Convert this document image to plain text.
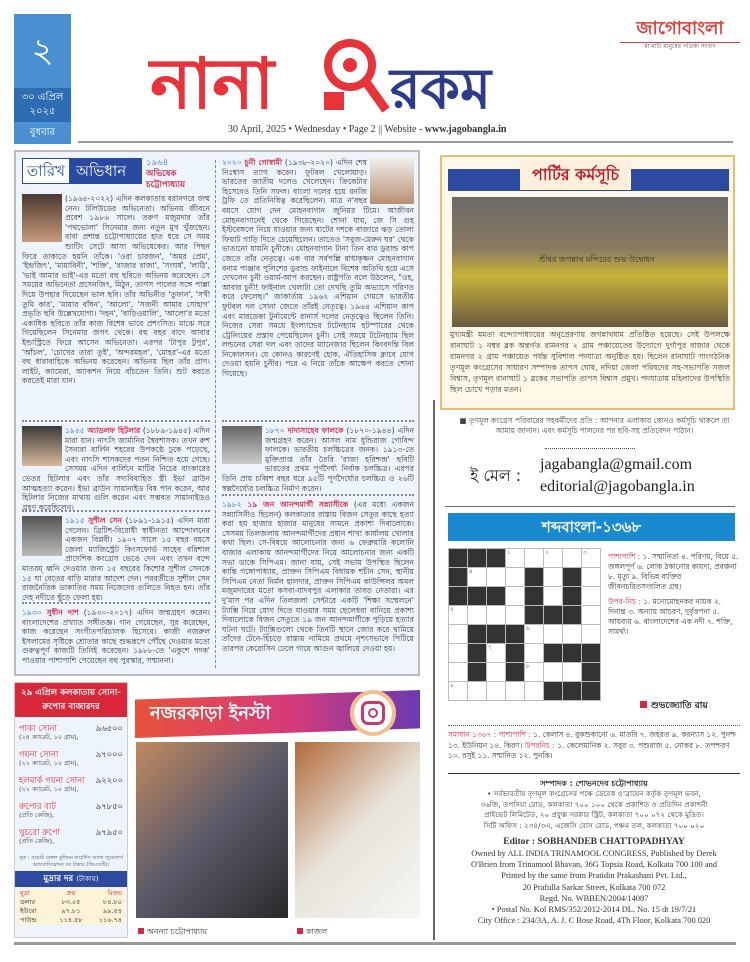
২
৩০ এপ্রিল ২০২৫
বুধবার
নানা রকম
30 April, 2025 • Wednesday • Page 2 || Website - www.jagobangla.in
জাগোবাংলা
মা মাটি মানুষের পত্রিকা সংবাদ
তারিখ অভিধান	১৯৬৪
অভিষেক চট্টোপাধ্যায়
(১৯৬৪-২০২২) এদিন কলকাতার বরানগরে জন্ম নেন। টলিউডের অভিনেতা। অভিনয় জীবনে প্রবেশ ১৯৮৬ সালে। তরুণ মজুমদার তাঁর 'পথভোলা' সিনেমার জন্য নতুন মুখ খুঁজছেন। বাবা প্রশান্ত চট্টোপাধ্যায়ের হাত ধরে সে সময় শ্যুটিং সেটে আসা অভিষেকের। আর পিছন ফিরে তাকাতে হয়নি তাঁকে। 'ওরা চারজন', 'অমর প্রেম', 'ইন্দ্রজিৎ', 'মায়াবিনী', 'শক্তি', 'রাজার রাজা', 'সংঘর্ষ', 'লাঠি', 'ভাই আমার ভাই'-এর মতো বহু ছবিতে অভিনয় করেছেন। সে সময়ের অভিনেতা প্রসেনজিৎ, মিঠুন, তাপস পালের সঙ্গে পাল্লা দিয়ে উপহার দিয়েছেন ভাল ছবি। তাঁর অভিনীত 'তুফান', 'সখী তুমি কার', 'মায়ার বাঁধন', 'আলো', 'সজনী আমার সোহাগ' প্রভৃতি ছবি উল্লেখযোগ্য। 'দহন', 'বাড়িওয়ালি', 'আলো'র মতো একাধিক ছবিতে তাঁর কাজ বিশেষ ভাবে প্রশংসিত। মাঝে সরে গিয়েছিলেন সিনেমার জগৎ থেকে। বহু বছর বাদে আবার ইন্ডাস্ট্রিতে ফিরে আসেন অভিনেতা। এরপর 'টাপুর টুপুর', 'আঁচল', 'চোখের তারা তুই', 'অন্দরমহল', 'মোহর'-এর মতো বহু ধারাবাহিকে অভিনয় করেছেন। অভিনয় ছিল তাঁর প্রাণ। লাইট, ক্যামেরা, অ্যাকশন নিয়ে বাঁচতেন তিনি। শুট করতে করতেই মারা যান।
১৯৪৫ অ্যাডলফ হিটলার (১৮৮৯-১৯৪৫) এদিন মারা যান। নাৎসি জার্মানির স্বৈরশাসক। তখন রুশ সৈন্যরা বার্লিন শহরের উপকণ্ঠে ঢুকে পড়েছে, এবং নাৎসি শাসকদের পতন নিশ্চিত হয়ে গেছে। সেসময় এদিন বার্লিনে মাটির নিচের বাংকারের ভেতর হিটলার এবং তাঁর সদ্যবিবাহিত স্ত্রী ইভা ব্রাউন আত্মহত্যা করেন। ইভা ব্রাউন সায়ানাইড বিষ পান করেন, আর হিটলার নিজের মাথায় গুলি করেন এবং সম্ভবত সায়ানাইডও গ্রহণ করেছিলেন।
১৯১৫ সুশীল সেন (১৮৯১-১৯১৫) এদিন মারা গেলেন। ব্রিটিশ-বিরোধী স্বাধীনতা আন্দোলনের একজন বিপ্লবী। ১৯০৭ সালে ১৫ বছর বয়সে জেলা ম্যাজিস্ট্রেট কিংসফোর্ড সাহেব বরিশাল প্রাদেশিক কংগ্রেস ভেঙে দেন এবং তখন বন্দে মাতরম্ ধ্বনি দেওয়ার জন্য ১৫ বছরের কিশোর সুশীল সেনকে ১৫ ঘা বেতের বাড়ি মারার আদেশ দেন। পরবর্তীতে সুশীল সেন রাজনৈতিক ডাকাতির সময় নিজেদের গুলিতে নিহত হন। তাঁর দেহ নদীতে ছুঁড়ে ফেলা হয়।
১৯৩০ সুধীন দাশ (১৯৩০-২০১৭) এদিন জন্মগ্রহণ করেন। বাংলাদেশের প্রখ্যাত সঙ্গীতজ্ঞ। গান গেয়েছেন, সুর করেছেন, কাজ করেছেন সংগীতপরিচালক হিসেবে। কাজী নজরুল ইসলামের সৃষ্টিকে শ্রোতার কাছে শুদ্ধরূপে পৌঁছে দেওয়ার মতো গুরুত্বপূর্ণ কাজটি তিনিই করেছেন। ১৯৮৮-তে 'একুশে পদক' পাওয়ার পাশাপাশি পেয়েছেন বহু পুরস্কার, সম্মাননা।
২০২০ চুনী গোস্বামী (১৯৩৮-২০২০) এদিন শেষ নিঃশ্বাস ত্যাগ করেন। ফুটবল খেলোয়াড়। ভারতের জাতীয় দলেও খেলেছেন। ক্রিকেটার হিসেবেও তিনি সফল। বাংলা দলের হয়ে রনজি ট্রফি তে প্রতিনিধিত্ব করেছিলেন। মাত্র ন'বছর বয়সে যোগ দেন মোহনবাগান জুনিয়র টিমে। আজীবন মোহনবাগানেই থেকে গিয়েছেন। শোনা যায়, জে সি গুহ ইস্টবেঙ্গলে নিয়ে যাওয়ার জন্য ষাটের দশকে বাজারে ঝড় তোলা ফিয়াট গাড়ি দিতে চেয়েছিলেন। তাতেও 'সবুজ-মেরুন ঘর' থেকে ভাঙানো যায়নি চুনীকে। মোহনবাগান টানা তিন বার ডুরান্ড কাপ জেতে তাঁর নেতৃত্বে। এক বার সর্বপল্লি রাধাকৃষ্ণন মোহনবাগান বনাম পাঞ্জাব পুলিশের ডুরান্ড ফাইনালে বিশেষ অতিথি হয়ে এসে দেখলেন চুনী ওয়ার্ম-আপ করছেন। রাষ্ট্রপতি বলে উঠলেন, "ওহ, আবার চুনী! ফাইনাল খেলাটা তো দেখছি তুমি অভ্যাসে পরিণত করে ফেলেছ।" জাকার্তায় ১৯৬২ এশিয়ান গেমসে ভারতীয় ফুটবল দল সোনা জেতে তাঁরই নেতৃত্বে। ১৯৬৪ এশিয়ান কাপ এবং মারডেকা টুর্নামেন্টে রানার্স দলের নেতৃত্বেও ছিলেন তিনি। নিজের সেরা সময়ে ইংল্যান্ডের টটেনহ্যাম হটস্পারের থেকে ট্রেনিংয়ের প্রস্তাব পেয়েছিলেন চুনী। সেই সময়ে টটেনহ্যাম ছিল লন্ডনের সেরা দল এবং তাদের ম্যানেজার ছিলেন কিংবদন্তি বিল নিকোলসন। যে কোনও কারণেই হোক, ঐতিহাসিক ক্লাবে যোগ দেওয়া হয়নি চুনীর। পরে এ নিয়ে তাঁকে আক্ষেপ করতে শোনা গিয়েছে।
১৮৭০ দাদাসাহেব ফালকে (১৮৭০-১৯৪৪) এদিন জন্মগ্রহণ করেন। আসল নাম ধুন্ডিরাজ গোবিন্দ ফালকে। ভারতীয় চলচ্চিত্রের জনক। ১৯১৩-তে মুক্তিপ্রাপ্ত তাঁর তৈরি 'রাজা হরিশ্চন্দ্র' ছবিটি ভারতের প্রথম পূর্ণদৈর্ঘ্য নির্বাক চলচ্চিত্র। এরপর তিনি প্রায় চব্বিশ বছর ধরে ৯৫টি পূর্ণদৈর্ঘ্যের চলচ্চিত্র ও ২৬টি স্বল্পদৈর্ঘ্যের চলচ্চিত্র নির্মাণ করেন।
১৯৮২ ১৯ জন আনন্দমার্গী সন্ন্যাসীকে (এর মধ্যে একজন সন্ন্যাসিনীও ছিলেন) কলকাতার রাস্তায় বিজন সেতুর কাছে হত্যা করা হয় হাজার হাজার মানুষের সামনে প্রকাশ্য দিবালোকে। সেসময় তিলজলায় আনন্দমার্গীদের প্রধান শাখা কার্যালয় খোলার কথা ছিল। সে-বিষয়ে আলোচনার জন্য ৬ ফেব্রুয়ারি কলোনি বাজার এলাকায় আনন্দমার্গীদের নিয়ে আলোচনার জন্য একটি সভা ডাকে সিপিএম। জানা যায়, সেই সভায় উপস্থিত ছিলেন কান্তি গঙ্গোপাধ্যায়, প্রাক্তন সিপিএম বিধায়ক শচীন সেন, স্থানীয় সিপিএম নেতা নির্মল হালদার, প্রাক্তন সিপিএম কাউন্সিলর অমল মজুমদারের মতো কসবা-যাদবপুর এলাকার তাবড় নেতারা। এর দু'মাস পর এদিন তিলজলা সেন্টারে একটি 'শিক্ষা সম্মেলনে' ট্যাক্সি নিয়ে যোগ দিতে যাওয়ার সময় ছেলেধরা বানিয়ে প্রকাশ্য দিবালোকে বিজন সেতুতে ১৯ জন আনন্দমার্গীকে পুড়িয়ে হত্যার ঘটনা ঘটে। ট্যাক্সিগুলো থেকে তিনটি স্থানে জোর করে থামিয়ে তাঁদের টেনে-হিঁচড়ে রাস্তায় নামিয়ে প্রথমে নৃশংসভাবে পিটিয়ে তারপর কেরোসিন ঢেলে গায়ে আগুন জ্বালিয়ে দেওয়া হয়।
পার্টির কর্মসূচি
শ্রীধর জগন্নাথ মন্দিরের শুভ উদ্বোধন
মুখ্যমন্ত্রী মমতা বন্দ্যোপাধ্যায়ের অনুপ্রেরণায় জগন্নাথধাম প্রতিষ্ঠিত হয়েছে। সেই উপলক্ষে রানাঘাট ১ নম্বর ব্লক অন্তর্গত রামনগর ২ গ্রাম পঞ্চায়েতের উদ্যোগে দুর্গাপুর বাজার থেকে রামনগর ২ গ্রাম পঞ্চায়েত পর্যন্ত সুবিশাল পদযাত্রা অনুষ্ঠিত হয়। ছিলেন রানাঘাট সাংগঠনিক তৃণমূল কংগ্রেসের সাধারণ সম্পাদক তাপস ঘোষ, নদিয়া জেলা পরিষদের সহ-সভাপতি সজল বিশ্বাস, তৃণমূল রানাঘাট ১ ব্লকের সভাপতি তাপস বিশ্বাস প্রমুখ। পদযাত্রায় মহিলাদের উপস্থিতি ছিল চোখে পড়ার মতন।
■ তৃণমূল কংগ্রেস পরিবারের সহকর্মীদের প্রতি : আপনার এলাকায় কোনও কর্মসূচি থাকলে তা আমায় জানান। এবং কর্মসূচি পালনের পর ছবি-সহ প্রতিবেদন পাঠান।
ই মেল :
jagabangla@gmail.com
editorial@jagobangla.in
শব্দবাংলা-১৩৬৮
১	২	৩
৪
৫
৬
৭
৮
৯

পাশাপাশি : ১. সম্মানিতা ৪. পরিণয়, বিয়ে ৫. জঙ্গলপূর্ণ ৬. লোক ঠকানোর কায়দা, প্রবঞ্চনা ৮. মৃত্যু ৯. বিভিন্ন ব্যক্তির জীবনচরিতসংবলিত গ্রন্থ।

উপর-নিচ : ১. মনোমোহনকর নায়ক ২. দিনান্ত ৩. অন্যায় আচরণ, দুর্বৃত্তপনা ৫. আয়ব্যয় ৬. বাংলাদেশের এক নদী ৭. শক্তি, সামর্থ্য।

শুভজ্যোতি রায়
সমাধান ১৩৬৭ : পাশাপাশি : ১. কেলাস ৪. বুকশুকানো ৬. মাতরি ৭. জহরত ৯. করন্যাস ১২. পুনশ্চ ১৩. ইউনিয়ন ১৪. কিরণ। উপরনিচ : ১. কেলেমানিক ২. সবুর ৩. পশুরাজ ৫. নোকর ৮. তপশ্চরণ ১০. রসুই ১১. সম্মানিত ১২. পুনকি।
সম্পাদক : শোভনদেব চট্টোপাধ্যায়
• সর্বভারতীয় তৃণমূল কংগ্রেসের পক্ষে ডেরেক ও'ব্রায়েন কর্তৃক তৃণমূল ভবন,
৩৬জি, তপসিয়া রোড, কলকাতা ৭০০ ১০০ থেকে প্রকাশিত ও প্রতিদিন প্রকাশনী
প্রাইভেট লিমিটেড, ২০ প্রফুল্ল সরকার স্ট্রিট, কলকাতা ৭০০ ০৭২ থেকে মুদ্রিত।
সিটি অফিস : ২৩৪/৩এ, এজেসি বোস রোড, পঞ্চম তল, কলকাতা ৭০০ ০২০
Editor : SOBHANDEB CHATTOPADHYAY
Owned by ALL INDIA TRINAMOOL CONGRESS, Published by Derek
O'Brien from Trinamool Bhavan, 36G Topsia Road, Kolkata 700 100 and
Printed by the same from Pratidin Prakashani Pvt. Ltd.,
20 Prafulla Sarkar Street, Kolkata 700 072
Regd. No. WBBEN/2004/14087
• Postal No. Kol RMS/352/2012-2014 DL. No. 15 dt 19/7/21
City Office : 234/3A, A. J. C Bose Road, 4Th Floor, Kolkata 700 020
২৯ এপ্রিল কলকাতায় সোনা-রুপোর বাজারদর
পাকা সোনা	৯৬৫০০
(২৪ ক্যারেট, ১০ গ্রাম),
গয়না সোনা	৯৭০০০
(২২ ক্যারেট, ১০ গ্রাম),
হলমার্ক গয়না সোনা	৯২২০০
(২২ ক্যারেট, ১০ গ্রাম),
রুপোর বাট	৯৭৮৫০
(প্রতি কেজি),
খুচরো রুপো	৯৭৯৫০
(প্রতি কেজি),
সূত্র : ওয়েস্ট বেঙ্গল বুলিয়ন মার্চেন্টস অ্যান্ড জুয়েলার্স অ্যাসোসিয়েশন। দর টাকায় (জিএসটি)।
মুদ্রার দর (টাকায়)
মুদ্রা	ক্রয়	বিক্রয়
ডলার	৮৩.০৫	৮৪.৮০
ইউরো	৯৭.৮১	৯৯.৫৪
পাউন্ড	১১৪.৫৮	১১৬.৭৪
নজরকাড়া ইনস্টা
অনন্যা চট্টোপাধ্যায়	কাজল
